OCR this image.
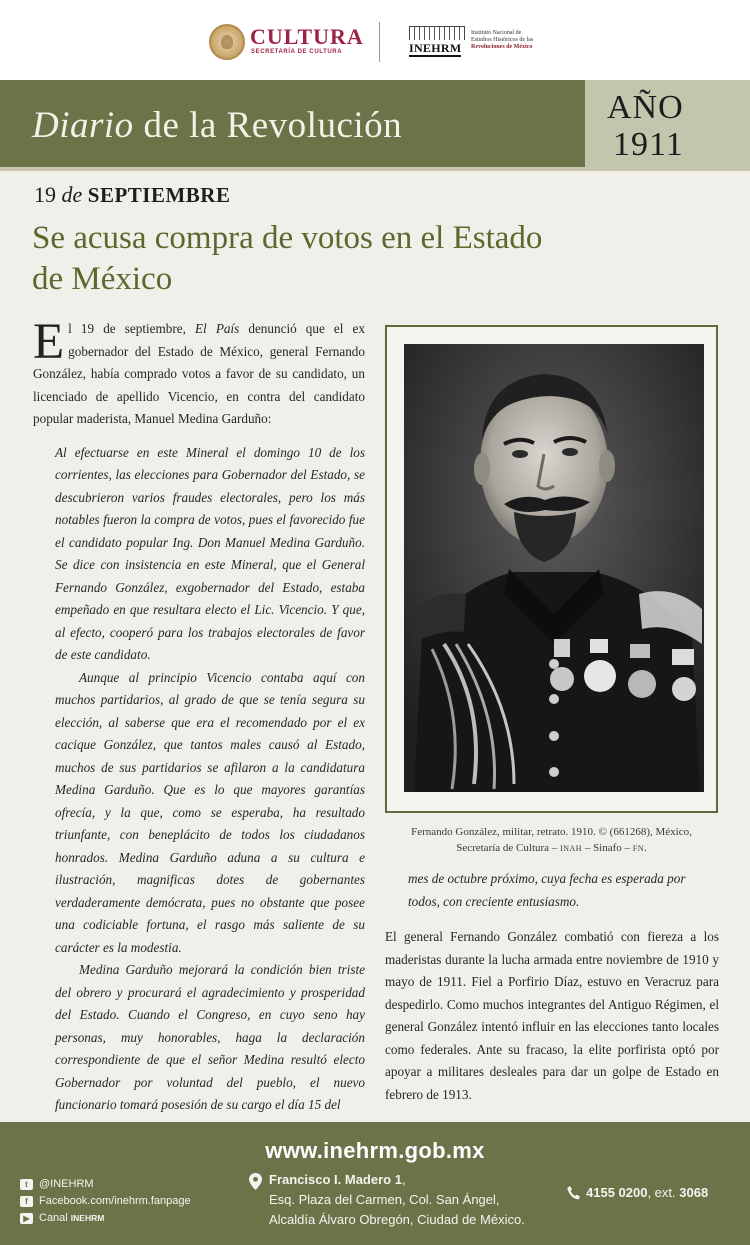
CULTURA
SECRETARÍA DE CULTURA	INEHRM
Instituto Nacional de
Estudios Históricos de las
Revoluciones de México
Diario de la Revolución	AÑO
1911
19 de SEPTIEMBRE
Se acusa compra de votos en el Estado de México

El 19 de septiembre, El País denunció que el ex gobernador del Estado de México, general Fernando González, había comprado votos a favor de su candidato, un licenciado de apellido Vicencio, en contra del candidato popular maderista, Manuel Medina Garduño:

Al efectuarse en este Mineral el domingo 10 de los corrientes, las elecciones para Gobernador del Estado, se descubrieron varios fraudes electorales, pero los más notables fueron la compra de votos, pues el favorecido fue el candidato popular Ing. Don Manuel Medina Garduño. Se dice con insistencia en este Mineral, que el General Fernando González, exgobernador del Estado, estaba empeñado en que resultara electo el Lic. Vicencio. Y que, al efecto, cooperó para los trabajos electorales de favor de este candidato.

Aunque al principio Vicencio contaba aquí con muchos partidarios, al grado de que se tenía segura su elección, al saberse que era el recomendado por el ex cacique González, que tantos males causó al Estado, muchos de sus partidarios se afilaron a la candidatura Medina Garduño. Que es lo que mayores garantías ofrecía, y la que, como se esperaba, ha resultado triunfante, con beneplácito de todos los ciudadanos honrados. Medina Garduño aduna a su cultura e ilustración, magnificas dotes de gobernantes verdaderamente demócrata, pues no obstante que posee una codiciable fortuna, el rasgo más saliente de su carácter es la modestia.

Medina Garduño mejorará la condición bien triste del obrero y procurará el agradecimiento y prosperidad del Estado. Cuando el Congreso, en cuyo seno hay personas, muy honorables, haga la declaración correspondiente de que el señor Medina resultó electo Gobernador por voluntad del pueblo, el nuevo funcionario tomará posesión de su cargo el día 15 del

Fernando González, militar, retrato. 1910. © (661268), México,
Secretaría de Cultura – INAH – Sinafo – FN.

mes de octubre próximo, cuya fecha es esperada por todos, con creciente entusiasmo.

El general Fernando González combatió con fiereza a los maderistas durante la lucha armada entre noviembre de 1910 y mayo de 1911. Fiel a Porfirio Díaz, estuvo en Veracruz para despedirlo. Como muchos integrantes del Antiguo Régimen, el general González intentó influir en las elecciones tanto locales como federales. Ante su fracaso, la elite porfirista optó por apoyar a militares desleales para dar un golpe de Estado en febrero de 1913.

www.inehrm.gob.mx
t	@INEHRM
f	Facebook.com/inehrm.fanpage
▶ Canal INEHRM
Francisco I. Madero 1,
Esq. Plaza del Carmen, Col. San Ángel,
Alcaldía Álvaro Obregón, Ciudad de México.
4155 0200, ext. 3068
